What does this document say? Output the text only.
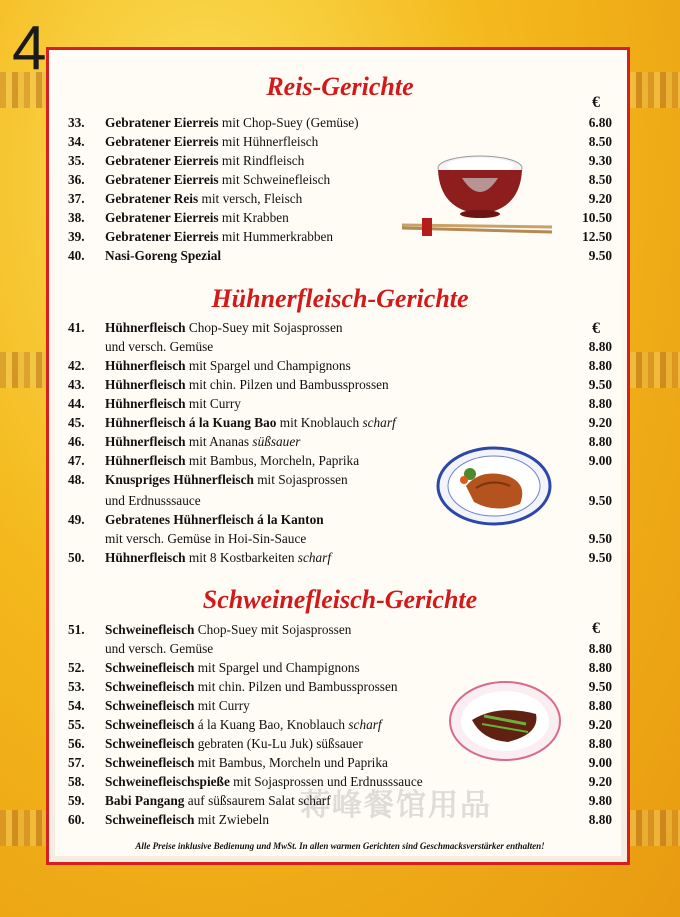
4
蒋峰餐馆用品
Reis-Gerichte
€
33. Gebratener Eierreis mit Chop-Suey (Gemüse)	6.80
34. Gebratener Eierreis mit Hühnerfleisch	8.50
35. Gebratener Eierreis mit Rindfleisch	9.30
36. Gebratener Eierreis mit Schweinefleisch	8.50
37. Gebratener Reis mit versch, Fleisch	9.20
38. Gebratener Eierreis mit Krabben	10.50
39. Gebratener Eierreis mit Hummerkrabben	12.50
40. Nasi-Goreng Spezial	9.50
Hühnerfleisch-Gerichte
€
41. Hühnerfleisch Chop-Suey mit Sojasprossen
und versch. Gemüse	8.80
42. Hühnerfleisch mit Spargel und Champignons	8.80
43. Hühnerfleisch mit chin. Pilzen und Bambussprossen	9.50
44. Hühnerfleisch mit Curry	8.80
45. Hühnerfleisch á la Kuang Bao mit Knoblauch scharf	9.20
46. Hühnerfleisch mit Ananas süßsauer	8.80
47. Hühnerfleisch mit Bambus, Morcheln, Paprika	9.00
48. Knuspriges Hühnerfleisch mit Sojasprossen
und Erdnusssauce	9.50
49. Gebratenes Hühnerfleisch á la Kanton
mit versch. Gemüse in Hoi-Sin-Sauce	9.50
50. Hühnerfleisch mit 8 Kostbarkeiten scharf	9.50
Schweinefleisch-Gerichte
€
51. Schweinefleisch Chop-Suey mit Sojasprossen
und versch. Gemüse	8.80
52. Schweinefleisch mit Spargel und Champignons	8.80
53. Schweinefleisch mit chin. Pilzen und Bambussprossen	9.50
54. Schweinefleisch mit Curry	8.80
55. Schweinefleisch á la Kuang Bao, Knoblauch scharf	9.20
56. Schweinefleisch gebraten (Ku-Lu Juk) süßsauer	8.80
57. Schweinefleisch mit Bambus, Morcheln und Paprika	9.00
58. Schweinefleischspieße mit Sojasprossen und Erdnusssauce	9.20
59. Babi Pangang auf süßsaurem Salat scharf	9.80
60. Schweinefleisch mit Zwiebeln	8.80
Alle Preise inklusive Bedienung und MwSt. In allen warmen Gerichten sind Geschmacksverstärker enthalten!
